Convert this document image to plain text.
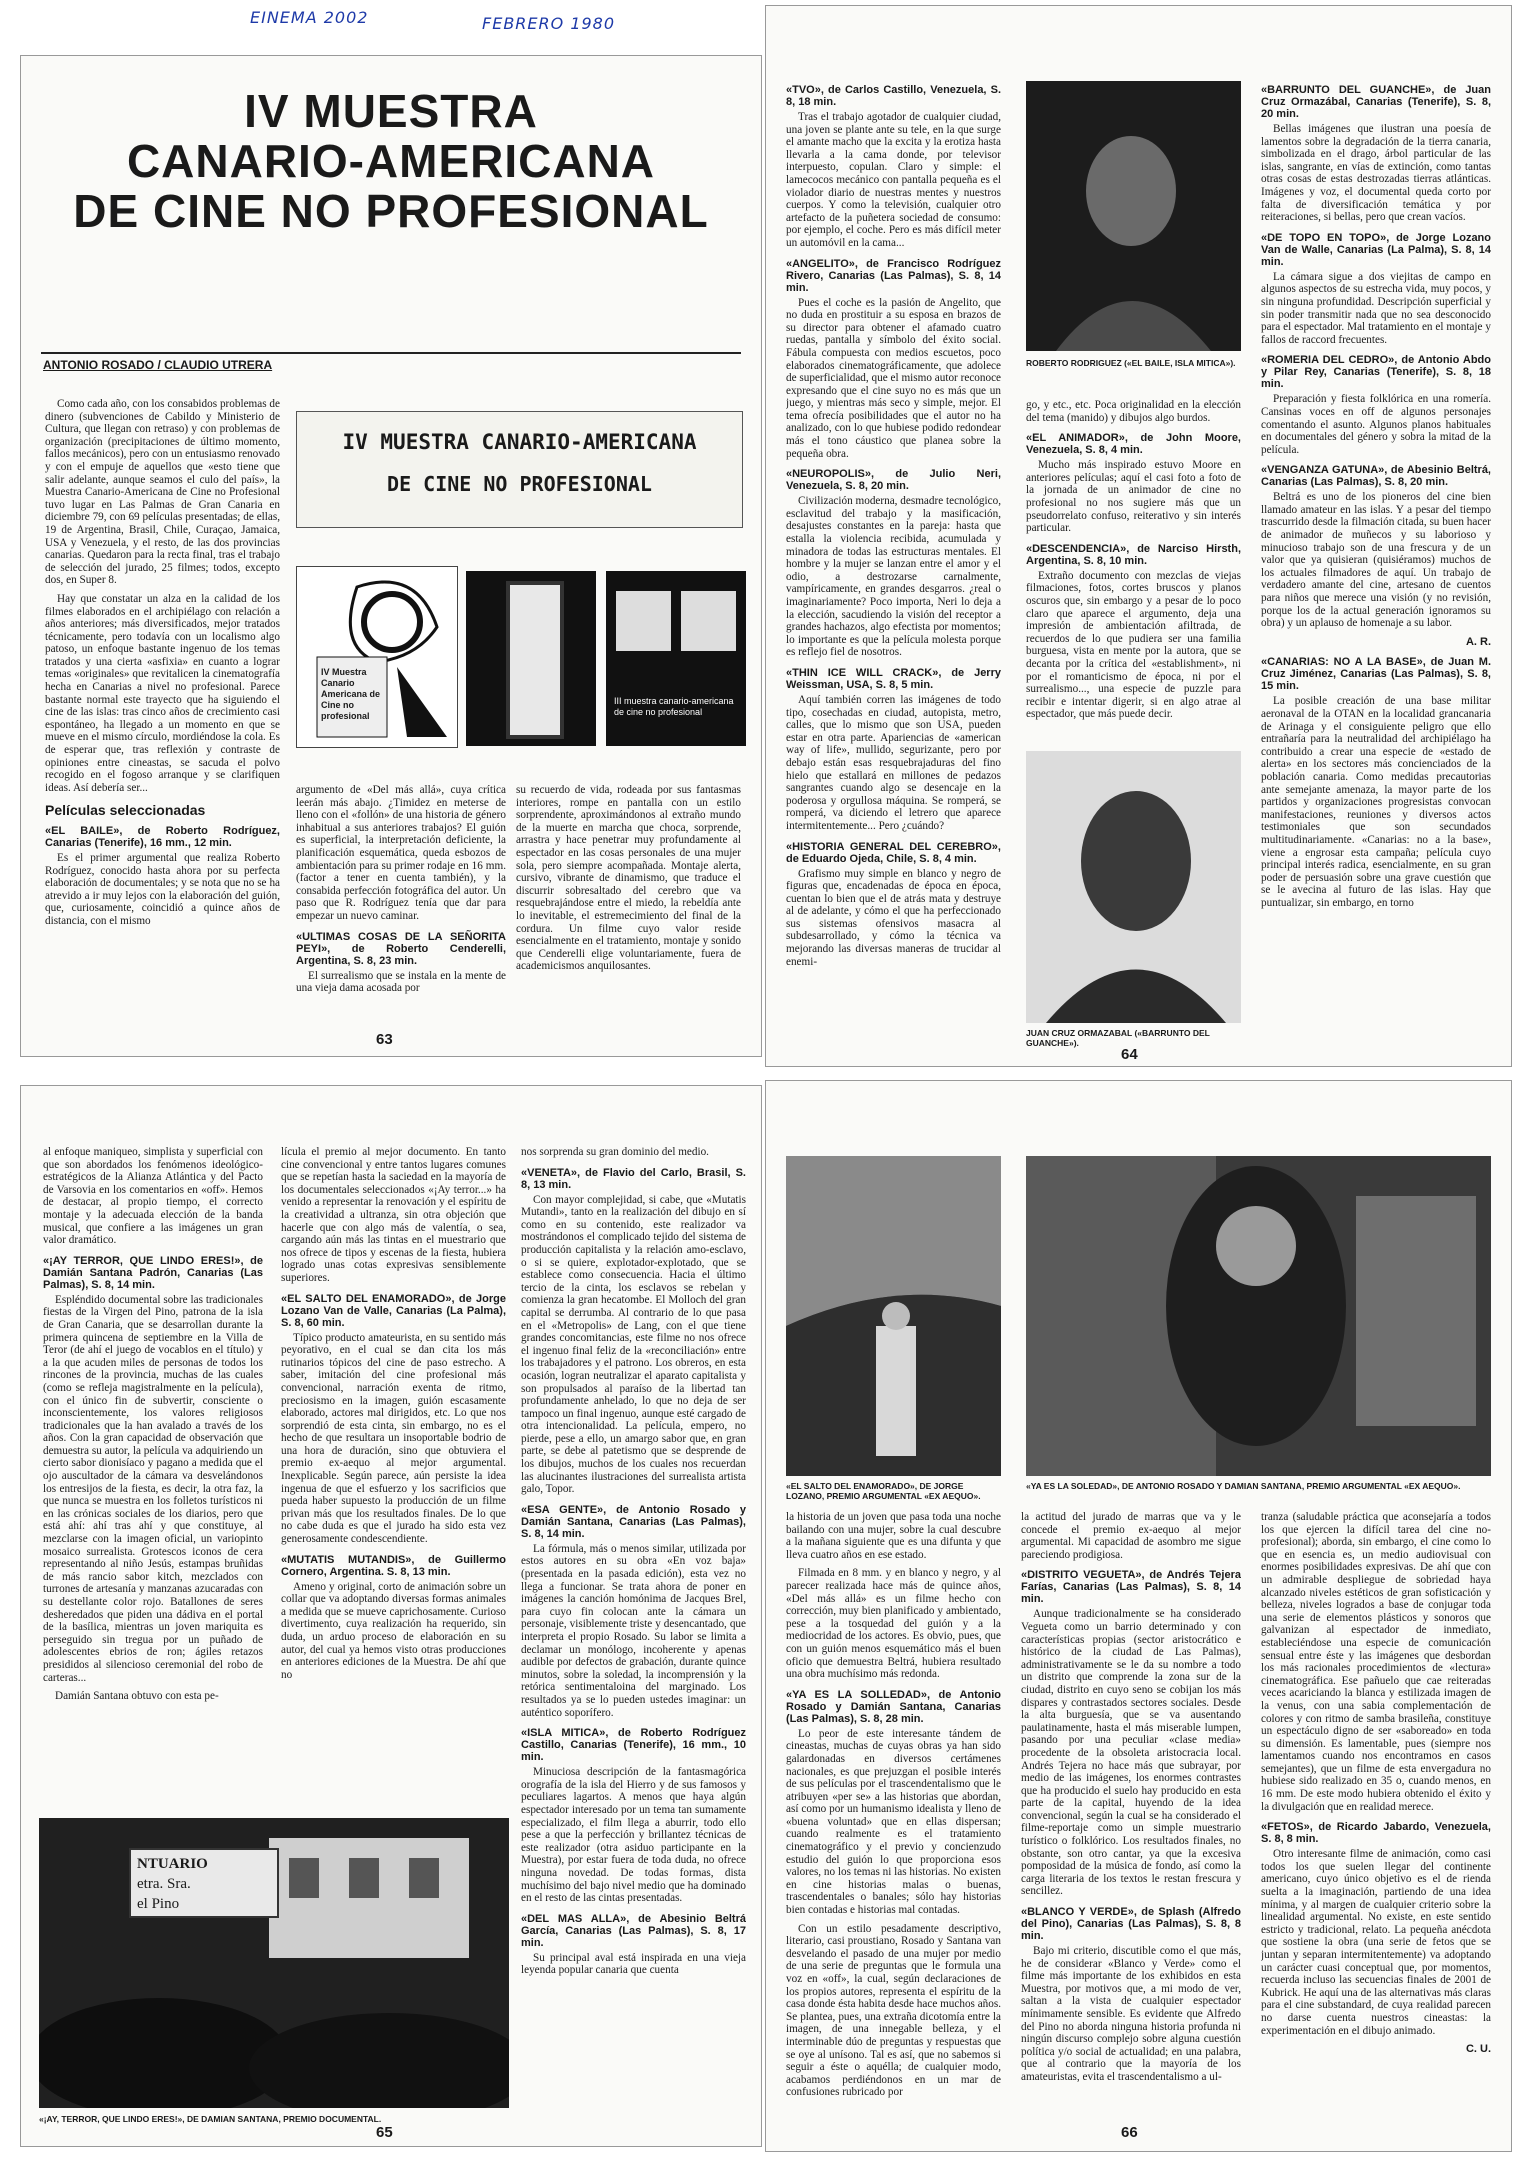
EINEMA 2002	FEBRERO 1980
IV MUESTRA
CANARIO-AMERICANA
DE CINE NO PROFESIONAL
ANTONIO ROSADO / CLAUDIO UTRERA

Como cada año, con los consabidos problemas de dinero (subvenciones de Cabildo y Ministerio de Cultura, que llegan con retraso) y con problemas de organización (precipitaciones de último momento, fallos mecánicos), pero con un entusiasmo renovado y con el empuje de aquellos que «esto tiene que salir adelante, aunque seamos el culo del país», la Muestra Canario-Americana de Cine no Profesional tuvo lugar en Las Palmas de Gran Canaria en diciembre 79, con 69 películas presentadas; de ellas, 19 de Argentina, Brasil, Chile, Curaçao, Jamaica, USA y Venezuela, y el resto, de las dos provincias canarias. Quedaron para la recta final, tras el trabajo de selección del jurado, 25 filmes; todos, excepto dos, en Super 8.

Hay que constatar un alza en la calidad de los filmes elaborados en el archipiélago con relación a años anteriores; más diversificados, mejor tratados técnicamente, pero todavía con un localismo algo patoso, un enfoque bastante ingenuo de los temas tratados y una cierta «asfixia» en cuanto a lograr temas «originales» que revitalicen la cinematografía hecha en Canarias a nivel no profesional. Parece bastante normal este trayecto que ha siguiendo el cine de las islas: tras cinco años de crecimiento casi espontáneo, ha llegado a un momento en que se mueve en el mismo círculo, mordiéndose la cola. Es de esperar que, tras reflexión y contraste de opiniones entre cineastas, se sacuda el polvo recogido en el fogoso arranque y se clarifiquen ideas. Así debería ser...

Películas seleccionadas
«EL BAILE», de Roberto Rodríguez, Canarias (Tenerife), 16 mm., 12 min.

Es el primer argumental que realiza Roberto Rodríguez, conocido hasta ahora por su perfecta elaboración de documentales; y se nota que no se ha atrevido a ir muy lejos con la elaboración del guión, que, curiosamente, coincidió a quince años de distancia, con el mismo

IV MUESTRA CANARIO-AMERICANA
DE CINE NO PROFESIONAL
IV Muestra Canario Americana de Cine no profesional
III muestra canario-americana de cine no profesional

argumento de «Del más allá», cuya crítica leerán más abajo. ¿Timidez en meterse de lleno con el «follón» de una historia de género inhabitual a sus anteriores trabajos? El guión es superficial, la interpretación deficiente, la planificación esquemática, queda esbozos de ambientación para su primer rodaje en 16 mm. (factor a tener en cuenta también), y la consabida perfección fotográfica del autor. Un paso que R. Rodríguez tenía que dar para empezar un nuevo caminar.

«ULTIMAS COSAS DE LA SEÑORITA PEYI», de Roberto Cenderelli, Argentina, S. 8, 23 min.

El surrealismo que se instala en la mente de una vieja dama acosada por

su recuerdo de vida, rodeada por sus fantasmas interiores, rompe en pantalla con un estilo sorprendente, aproximándonos al extraño mundo de la muerte en marcha que choca, sorprende, arrastra y hace penetrar muy profundamente al espectador en las cosas personales de una mujer sola, pero siempre acompañada. Montaje alerta, cursivo, vibrante de dinamismo, que traduce el discurrir sobresaltado del cerebro que va resquebrajándose entre el miedo, la rebeldía ante lo inevitable, el estremecimiento del final de la cordura. Un filme cuyo valor reside esencialmente en el tratamiento, montaje y sonido que Cenderelli elige voluntariamente, fuera de academicismos anquilosantes.

63
«TVO», de Carlos Castillo, Venezuela, S. 8, 18 min.

Tras el trabajo agotador de cualquier ciudad, una joven se plante ante su tele, en la que surge el amante macho que la excita y la erotiza hasta llevarla a la cama donde, por televisor interpuesto, copulan. Claro y simple: el lamecocos mecánico con pantalla pequeña es el violador diario de nuestras mentes y nuestros cuerpos. Y como la televisión, cualquier otro artefacto de la puñetera sociedad de consumo: por ejemplo, el coche. Pero es más difícil meter un automóvil en la cama...

«ANGELITO», de Francisco Rodríguez Rivero, Canarias (Las Palmas), S. 8, 14 min.

Pues el coche es la pasión de Angelito, que no duda en prostituir a su esposa en brazos de su director para obtener el afamado cuatro ruedas, pantalla y símbolo del éxito social. Fábula compuesta con medios escuetos, poco elaborados cinematográficamente, que adolece de superficialidad, que el mismo autor reconoce expresando que el cine suyo no es más que un juego, y mientras más seco y simple, mejor. El tema ofrecía posibilidades que el autor no ha analizado, con lo que hubiese podido redondear más el tono cáustico que planea sobre la pequeña obra.

«NEUROPOLIS», de Julio Neri, Venezuela, S. 8, 20 min.

Civilización moderna, desmadre tecnológico, esclavitud del trabajo y la masificación, desajustes constantes en la pareja: hasta que estalla la violencia recibida, acumulada y minadora de todas las estructuras mentales. El hombre y la mujer se lanzan entre el amor y el odio, a destrozarse carnalmente, vampíricamente, en grandes desgarros. ¿real o imaginariamente? Poco importa, Neri lo deja a la elección, sacudiendo la visión del receptor a grandes hachazos, algo efectista por momentos; lo importante es que la película molesta porque es reflejo fiel de nosotros.

«THIN ICE WILL CRACK», de Jerry Weissman, USA, S. 8, 5 min.

Aquí también corren las imágenes de todo tipo, cosechadas en ciudad, autopista, metro, calles, que lo mismo que son USA, pueden estar en otra parte. Apariencias de «american way of life», mullido, segurizante, pero por debajo están esas resquebrajaduras del fino hielo que estallará en millones de pedazos sangrantes cuando algo se desencaje en la poderosa y orgullosa máquina. Se romperá, se romperá, va diciendo el letrero que aparece intermitentemente... Pero ¿cuándo?

«HISTORIA GENERAL DEL CEREBRO», de Eduardo Ojeda, Chile, S. 8, 4 min.

Grafismo muy simple en blanco y negro de figuras que, encadenadas de época en época, cuentan lo bien que el de atrás mata y destruye al de adelante, y cómo el que ha perfeccionado sus sistemas ofensivos masacra al subdesarrollado, y cómo la técnica va mejorando las diversas maneras de trucidar al enemi-

ROBERTO RODRIGUEZ («EL BAILE, ISLA MITICA»).

go, y etc., etc. Poca originalidad en la elección del tema (manido) y dibujos algo burdos.

«EL ANIMADOR», de John Moore, Venezuela, S. 8, 4 min.

Mucho más inspirado estuvo Moore en anteriores películas; aquí el casi foto a foto de la jornada de un animador de cine no profesional no nos sugiere más que un pseudorrelato confuso, reiterativo y sin interés particular.

«DESCENDENCIA», de Narciso Hirsth, Argentina, S. 8, 10 min.

Extraño documento con mezclas de viejas filmaciones, fotos, cortes bruscos y planos oscuros que, sin embargo y a pesar de lo poco claro que aparece el argumento, deja una impresión de ambientación afiltrada, de recuerdos de lo que pudiera ser una familia burguesa, vista en mente por la autora, que se decanta por la crítica del «establishment», ni por el romanticismo de época, ni por el surrealismo..., una especie de puzzle para recibir e intentar digerir, si en algo atrae al espectador, que más puede decir.

JUAN CRUZ ORMAZABAL («BARRUNTO DEL GUANCHE»).
«BARRUNTO DEL GUANCHE», de Juan Cruz Ormazábal, Canarias (Tenerife), S. 8, 20 min.

Bellas imágenes que ilustran una poesía de lamentos sobre la degradación de la tierra canaria, simbolizada en el drago, árbol particular de las islas, sangrante, en vías de extinción, como tantas otras cosas de estas destrozadas tierras atlánticas. Imágenes y voz, el documental queda corto por falta de diversificación temática y por reiteraciones, si bellas, pero que crean vacíos.

«DE TOPO EN TOPO», de Jorge Lozano Van de Walle, Canarias (La Palma), S. 8, 14 min.

La cámara sigue a dos viejitas de campo en algunos aspectos de su estrecha vida, muy pocos, y sin ninguna profundidad. Descripción superficial y sin poder transmitir nada que no sea desconocido para el espectador. Mal tratamiento en el montaje y fallos de raccord frecuentes.

«ROMERIA DEL CEDRO», de Antonio Abdo y Pilar Rey, Canarias (Tenerife), S. 8, 18 min.

Preparación y fiesta folklórica en una romería. Cansinas voces en off de algunos personajes comentando el asunto. Algunos planos habituales en documentales del género y sobra la mitad de la película.

«VENGANZA GATUNA», de Abesinio Beltrá, Canarias (Las Palmas), S. 8, 20 min.

Beltrá es uno de los pioneros del cine bien llamado amateur en las islas. Y a pesar del tiempo trascurrido desde la filmación citada, su buen hacer de animador de muñecos y su laborioso y minucioso trabajo son de una frescura y de un valor que ya quisieran (quisiéramos) muchos de los actuales filmadores de aquí. Un trabajo de verdadero amante del cine, artesano de cuentos para niños que merece una visión (y no revisión, porque los de la actual generación ignoramos su obra) y un aplauso de homenaje a su labor.

A. R.
«CANARIAS: NO A LA BASE», de Juan M. Cruz Jiménez, Canarias (Las Palmas), S. 8, 15 min.

La posible creación de una base militar aeronaval de la OTAN en la localidad grancanaria de Arinaga y el consiguiente peligro que ello entrañaría para la neutralidad del archipiélago ha contribuido a crear una especie de «estado de alerta» en los sectores más concienciados de la población canaria. Como medidas precautorias ante semejante amenaza, la mayor parte de los partidos y organizaciones progresistas convocan manifestaciones, reuniones y diversos actos testimoniales que son secundados multitudinariamente. «Canarias: no a la base», viene a engrosar esta campaña; película cuyo principal interés radica, esencialmente, en su gran poder de persuasión sobre una grave cuestión que se le avecina al futuro de las islas. Hay que puntualizar, sin embargo, en torno

64

al enfoque maniqueo, simplista y superficial con que son abordados los fenómenos ideológico-estratégicos de la Alianza Atlántica y del Pacto de Varsovia en los comentarios en «off». Hemos de destacar, al propio tiempo, el correcto montaje y la adecuada elección de la banda musical, que confiere a las imágenes un gran valor dramático.

«¡AY TERROR, QUE LINDO ERES!», de Damián Santana Padrón, Canarias (Las Palmas), S. 8, 14 min.

Espléndido documental sobre las tradicionales fiestas de la Virgen del Pino, patrona de la isla de Gran Canaria, que se desarrollan durante la primera quincena de septiembre en la Villa de Teror (de ahí el juego de vocablos en el título) y a la que acuden miles de personas de todos los rincones de la provincia, muchas de las cuales (como se refleja magistralmente en la película), con el único fin de subvertir, consciente o inconscientemente, los valores religiosos tradicionales que la han avalado a través de los años. Con la gran capacidad de observación que demuestra su autor, la película va adquiriendo un cierto sabor dionisíaco y pagano a medida que el ojo auscultador de la cámara va desvelándonos los entresijos de la fiesta, es decir, la otra faz, la que nunca se muestra en los folletos turísticos ni en las crónicas sociales de los diarios, pero que está ahí: ahí tras ahí y que constituye, al mezclarse con la imagen oficial, un variopinto mosaico surrealista. Grotescos iconos de cera representando al niño Jesús, estampas bruñidas de más rancio sabor kitch, mezclados con turrones de artesanía y manzanas azucaradas con su destellante color rojo. Batallones de seres desheredados que piden una dádiva en el portal de la basílica, mientras un joven mariquita es perseguido sin tregua por un puñado de adolescentes ebrios de ron; ágiles retazos presididos al silencioso ceremonial del robo de carteras...

Damián Santana obtuvo con esta pe-

lícula el premio al mejor documento. En tanto cine convencional y entre tantos lugares comunes que se repetían hasta la saciedad en la mayoría de los documentales seleccionados «¡Ay terror...» ha venido a representar la renovación y el espíritu de la creatividad a ultranza, sin otra objeción que hacerle que con algo más de valentía, o sea, cargando aún más las tintas en el muestrario que nos ofrece de tipos y escenas de la fiesta, hubiera logrado unas cotas expresivas sensiblemente superiores.

«EL SALTO DEL ENAMORADO», de Jorge Lozano Van de Valle, Canarias (La Palma), S. 8, 60 min.

Típico producto amateurista, en su sentido más peyorativo, en el cual se dan cita los más rutinarios tópicos del cine de paso estrecho. A saber, imitación del cine profesional más convencional, narración exenta de ritmo, preciosismo en la imagen, guión escasamente elaborado, actores mal dirigidos, etc. Lo que nos sorprendió de esta cinta, sin embargo, no es el hecho de que resultara un insoportable bodrio de una hora de duración, sino que obtuviera el premio ex-aequo al mejor argumental. Inexplicable. Según parece, aún persiste la idea ingenua de que el esfuerzo y los sacrificios que pueda haber supuesto la producción de un filme privan más que los resultados finales. De lo que no cabe duda es que el jurado ha sido esta vez generosamente condescendiente.

«MUTATIS MUTANDIS», de Guillermo Cornero, Argentina. S. 8, 13 min.

Ameno y original, corto de animación sobre un collar que va adoptando diversas formas animales a medida que se mueve caprichosamente. Curioso divertimento, cuya realización ha requerido, sin duda, un arduo proceso de elaboración en su autor, del cual ya hemos visto otras producciones en anteriores ediciones de la Muestra. De ahí que no

NTUARIO
etra. Sra.
el Pino
«¡AY, TERROR, QUE LINDO ERES!», DE DAMIAN SANTANA, PREMIO DOCUMENTAL.

nos sorprenda su gran dominio del medio.

«VENETA», de Flavio del Carlo, Brasil, S. 8, 13 min.

Con mayor complejidad, si cabe, que «Mutatis Mutandi», tanto en la realización del dibujo en sí como en su contenido, este realizador va mostrándonos el complicado tejido del sistema de producción capitalista y la relación amo-esclavo, o si se quiere, explotador-explotado, que se establece como consecuencia. Hacia el último tercio de la cinta, los esclavos se rebelan y comienza la gran hecatombe. El Molloch del gran capital se derrumba. Al contrario de lo que pasa en el «Metropolis» de Lang, con el que tiene grandes concomitancias, este filme no nos ofrece el ingenuo final feliz de la «reconciliación» entre los trabajadores y el patrono. Los obreros, en esta ocasión, logran neutralizar el aparato capitalista y son propulsados al paraíso de la libertad tan profundamente anhelado, lo que no deja de ser tampoco un final ingenuo, aunque esté cargado de otra intencionalidad. La película, empero, no pierde, pese a ello, un amargo sabor que, en gran parte, se debe al patetismo que se desprende de los dibujos, muchos de los cuales nos recuerdan las alucinantes ilustraciones del surrealista artista galo, Topor.

«ESA GENTE», de Antonio Rosado y Damián Santana, Canarias (Las Palmas), S. 8, 14 min.

La fórmula, más o menos similar, utilizada por estos autores en su obra «En voz baja» (presentada en la pasada edición), esta vez no llega a funcionar. Se trata ahora de poner en imágenes la canción homónima de Jacques Brel, para cuyo fin colocan ante la cámara un personaje, visiblemente triste y desencantado, que interpreta el propio Rosado. Su labor se limita a declamar un monólogo, incoherente y apenas audible por defectos de grabación, durante quince minutos, sobre la soledad, la incomprensión y la retórica sentimentaloina del marginado. Los resultados ya se lo pueden ustedes imaginar: un auténtico soporífero.

«ISLA MITICA», de Roberto Rodríguez Castillo, Canarias (Tenerife), 16 mm., 10 min.

Minuciosa descripción de la fantasmagórica orografía de la isla del Hierro y de sus famosos y peculiares lagartos. A menos que haya algún espectador interesado por un tema tan sumamente especializado, el film llega a aburrir, todo ello pese a que la perfección y brillantez técnicas de este realizador (otra asiduo participante en la Muestra), por estar fuera de toda duda, no ofrece ninguna novedad. De todas formas, dista muchísimo del bajo nivel medio que ha dominado en el resto de las cintas presentadas.

«DEL MAS ALLA», de Abesinio Beltrá García, Canarias (Las Palmas), S. 8, 17 min.

Su principal aval está inspirada en una vieja leyenda popular canaria que cuenta

65
«EL SALTO DEL ENAMORADO», DE JORGE LOZANO, PREMIO ARGUMENTAL «EX AEQUO».
«YA ES LA SOLEDAD», DE ANTONIO ROSADO Y DAMIAN SANTANA, PREMIO ARGUMENTAL «EX AEQUO».

la historia de un joven que pasa toda una noche bailando con una mujer, sobre la cual descubre a la mañana siguiente que es una difunta y que lleva cuatro años en ese estado.

Filmada en 8 mm. y en blanco y negro, y al parecer realizada hace más de quince años, «Del más allá» es un filme hecho con corrección, muy bien planificado y ambientado, pese a la tosquedad del guión y a la mediocridad de los actores. Es obvio, pues, que con un guión menos esquemático más el buen oficio que demuestra Beltrá, hubiera resultado una obra muchísimo más redonda.

«YA ES LA SOLLEDAD», de Antonio Rosado y Damián Santana, Canarias (Las Palmas), S. 8, 28 min.

Lo peor de este interesante tándem de cineastas, muchas de cuyas obras ya han sido galardonadas en diversos certámenes nacionales, es que prejuzgan el posible interés de sus películas por el trascendentalismo que le atribuyen «per se» a las historias que abordan, así como por un humanismo idealista y lleno de «buena voluntad» que en ellas dispersan; cuando realmente es el tratamiento cinematográfico y el previo y concienzudo estudio del guión lo que proporciona esos valores, no los temas ni las historias. No existen en cine historias malas o buenas, trascendentales o banales; sólo hay historias bien contadas e historias mal contadas.

Con un estilo pesadamente descriptivo, literario, casi proustiano, Rosado y Santana van desvelando el pasado de una mujer por medio de una serie de preguntas que le formula una voz en «off», la cual, según declaraciones de los propios autores, representa el espíritu de la casa donde ésta habita desde hace muchos años. Se plantea, pues, una extraña dicotomía entre la imagen, de una innegable belleza, y el interminable dúo de preguntas y respuestas que se oye al unísono. Tal es así, que no sabemos si seguir a éste o aquélla; de cualquier modo, acabamos perdiéndonos en un mar de confusiones rubricado por

la actitud del jurado de marras que va y le concede el premio ex-aequo al mejor argumental. Mi capacidad de asombro me sigue pareciendo prodigiosa.

«DISTRITO VEGUETA», de Andrés Tejera Farías, Canarias (Las Palmas), S. 8, 14 min.

Aunque tradicionalmente se ha considerado Vegueta como un barrio determinado y con características propias (sector aristocrático e histórico de la ciudad de Las Palmas), administrativamente se le da su nombre a todo un distrito que comprende la zona sur de la ciudad, distrito en cuyo seno se cobijan los más dispares y contrastados sectores sociales. Desde la alta burguesía, que se va ausentando paulatinamente, hasta el más miserable lumpen, pasando por una peculiar «clase media» procedente de la obsoleta aristocracia local. Andrés Tejera no hace más que subrayar, por medio de las imágenes, los enormes contrastes que ha producido el suelo hay producido en esta parte de la capital, huyendo de la idea convencional, según la cual se ha considerado el filme-reportaje como un simple muestrario turístico o folklórico. Los resultados finales, no obstante, son otro cantar, ya que la excesiva pomposidad de la música de fondo, así como la carga literaria de los textos le restan frescura y sencillez.

«BLANCO Y VERDE», de Splash (Alfredo del Pino), Canarias (Las Palmas), S. 8, 8 min.

Bajo mi criterio, discutible como el que más, he de considerar «Blanco y Verde» como el filme más importante de los exhibidos en esta Muestra, por motivos que, a mi modo de ver, saltan a la vista de cualquier espectador mínimamente sensible. Es evidente que Alfredo del Pino no aborda ninguna historia profunda ni ningún discurso complejo sobre alguna cuestión política y/o social de actualidad; en una palabra, que al contrario que la mayoría de los amateuristas, evita el trascendentalismo a ul-

tranza (saludable práctica que aconsejaría a todos los que ejercen la difícil tarea del cine no-profesional); aborda, sin embargo, el cine como lo que en esencia es, un medio audiovisual con enormes posibilidades expresivas. De ahí que con un admirable despliegue de sobriedad haya alcanzado niveles estéticos de gran sofisticación y belleza, niveles logrados a base de conjugar toda una serie de elementos plásticos y sonoros que galvanizan al espectador de inmediato, estableciéndose una especie de comunicación sensual entre éste y las imágenes que desbordan los más racionales procedimientos de «lectura» cinematográfica. Ese pañuelo que cae reiteradas veces acariciando la blanca y estilizada imagen de la venus, con una sabia complementación de colores y con ritmo de samba brasileña, constituye un espectáculo digno de ser «saboreado» en toda su dimensión. Es lamentable, pues (siempre nos lamentamos cuando nos encontramos en casos semejantes), que un filme de esta envergadura no hubiese sido realizado en 35 o, cuando menos, en 16 mm. De este modo hubiera obtenido el éxito y la divulgación que en realidad merece.

«FETOS», de Ricardo Jabardo, Venezuela, S. 8, 8 min.

Otro interesante filme de animación, como casi todos los que suelen llegar del continente americano, cuyo único objetivo es el de rienda suelta a la imaginación, partiendo de una idea mínima, y al margen de cualquier criterio sobre la linealidad argumental. No existe, en este sentido estricto y tradicional, relato. La pequeña anécdota que sostiene la obra (una serie de fetos que se juntan y separan intermitentemente) va adoptando un carácter cuasi conceptual que, por momentos, recuerda incluso las secuencias finales de 2001 de Kubrick. He aquí una de las alternativas más claras para el cine substandard, de cuya realidad parecen no darse cuenta nuestros cineastas: la experimentación en el dibujo animado.

C. U.
66
